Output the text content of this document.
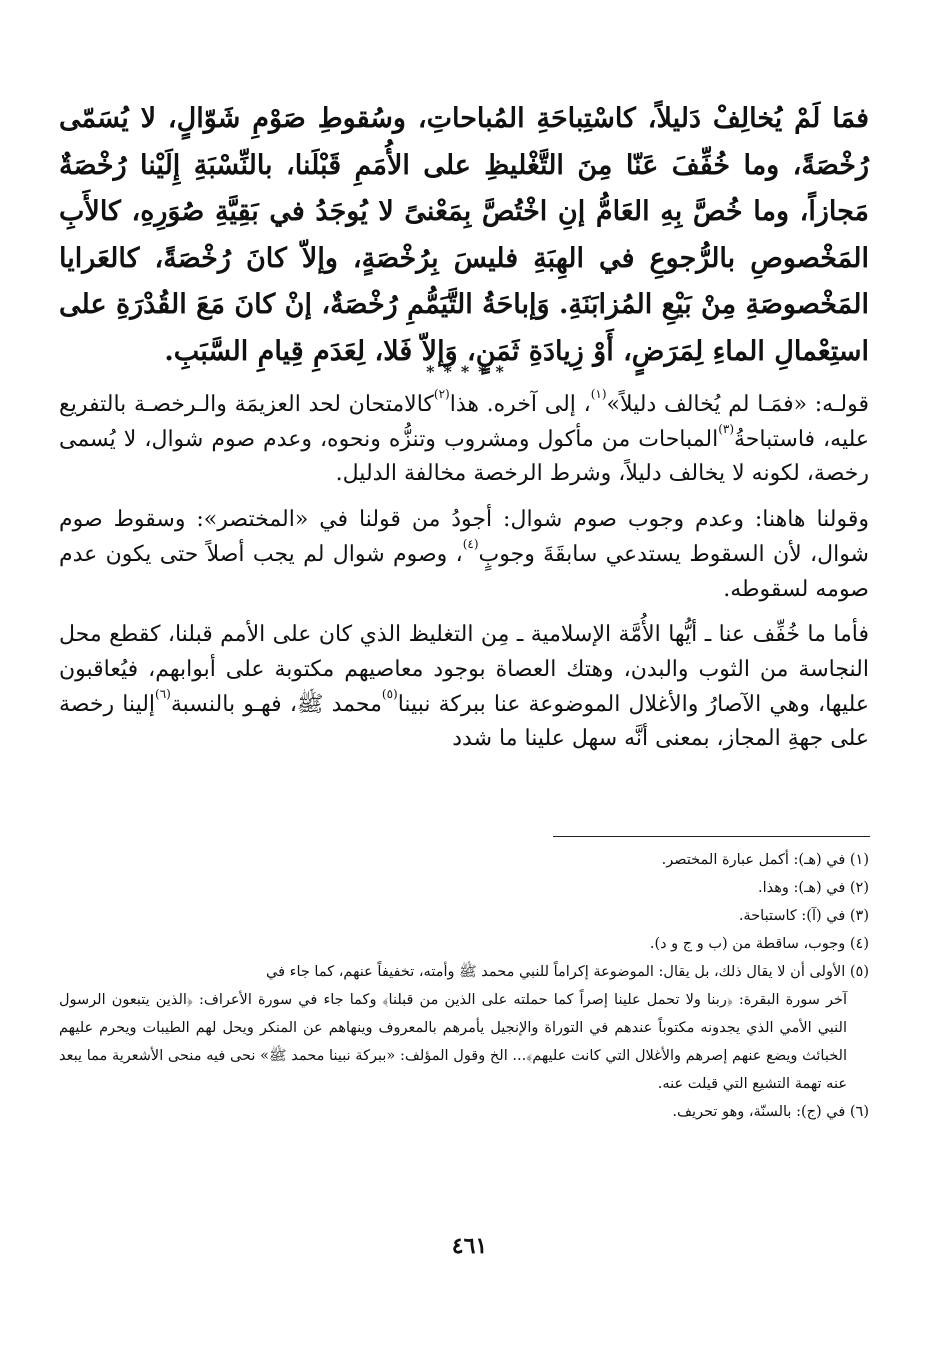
فمَا لَمْ يُخالِفْ دَليلاً، كاسْتِباحَةِ المُباحاتِ، وسُقوطِ صَوْمِ شَوّالٍ، لا يُسَمّى رُخْصَةً، وما خُفِّفَ عَنّا مِنَ التَّغْليظِ على الأُمَمِ قَبْلَنا، بالنِّسْبَةِ إِلَيْنا رُخْصَةٌ مَجازاً، وما خُصَّ بِهِ العَامُّ إنِ اخْتُصَّ بِمَعْنىً لا يُوجَدُ في بَقِيَّةِ صُوَرِهِ، كالأَبِ المَخْصوصِ بالرُّجوعِ في الهِبَةِ فليسَ بِرُخْصَةٍ، وإلاّ كانَ رُخْصَةً، كالعَرايا المَخْصوصَةِ مِنْ بَيْعِ المُزابَنَةِ. وَإباحَةُ التَّيَمُّمِ رُخْصَةٌ، إنْ كانَ مَعَ القُدْرَةِ على استِعْمالِ الماءِ لِمَرَضٍ، أَوْ زِيادَةِ ثَمَنٍ، وَإلاّ فَلا، لِعَدَمِ قِيامِ السَّبَبِ.
*****

قولـه: «فمَـا لم يُخالف دليلاً»$^{(١)}$، إلى آخره. هذا$^{(٢)}$كالامتحان لحد العزيمَة والـرخصـة بالتفريع عليه، فاستباحةُ$^{(٣)}$المباحات من مأكول ومشروب وتنزُّه ونحوه، وعدم صوم شوال، لا يُسمى رخصة، لكونه لا يخالف دليلاً، وشرط الرخصة مخالفة الدليل.

وقولنا هاهنا: وعدم وجوب صوم شوال: أجودُ من قولنا في «المختصر»: وسقوط صوم شوال، لأن السقوط يستدعي سابقَةَ وجوبٍ$^{(٤)}$، وصوم شوال لم يجب أصلاً حتى يكون عدم صومه لسقوطه.

فأما ما خُفِّف عنا ـ أيُّها الأُمَّة الإسلامية ـ مِن التغليظ الذي كان على الأمم قبلنا، كقطع محل النجاسة من الثوب والبدن، وهتك العصاة بوجود معاصيهم مكتوبة على أبوابهم، فيُعاقبون عليها، وهي الآصارُ والأغلال الموضوعة عنا ببركة نبينا$^{(٥)}$محمد ﷺ، فهـو بالنسبة$^{(٦)}$إلينا رخصة على جهةِ المجاز، بمعنى أنَّه سهل علينا ما شدد

(١) في (هـ): أكمل عبارة المختصر.

(٢) في (هـ): وهذا.

(٣) في (آ): كاستباحة.

(٤) وجوب، ساقطة من (ب و ج و د).

(٥) الأولى أن لا يقال ذلك، بل يقال: الموضوعة إكراماً للنبي محمد ﷺ وأمته، تخفيفاً عنهم، كما جاء في

آخر سورة البقرة: ﴿ربنا ولا تحمل علينا إصراً كما حملته على الذين من قبلنا﴾ وكما جاء في سورة الأعراف: ﴿الذين يتبعون الرسول النبي الأمي الذي يجدونه مكتوباً عندهم في التوراة والإنجيل يأمرهم بالمعروف وينهاهم عن المنكر ويحل لهم الطيبات ويحرم عليهم الخبائث ويضع عنهم إصرهم والأغلال التي كانت عليهم﴾... الخ وقول المؤلف: «ببركة نبينا محمد ﷺ» نحى فيه منحى الأشعرية مما يبعد عنه تهمة التشيع التي قيلت عنه.

(٦) في (ج): بالسنّة، وهو تحريف.

٤٦١
